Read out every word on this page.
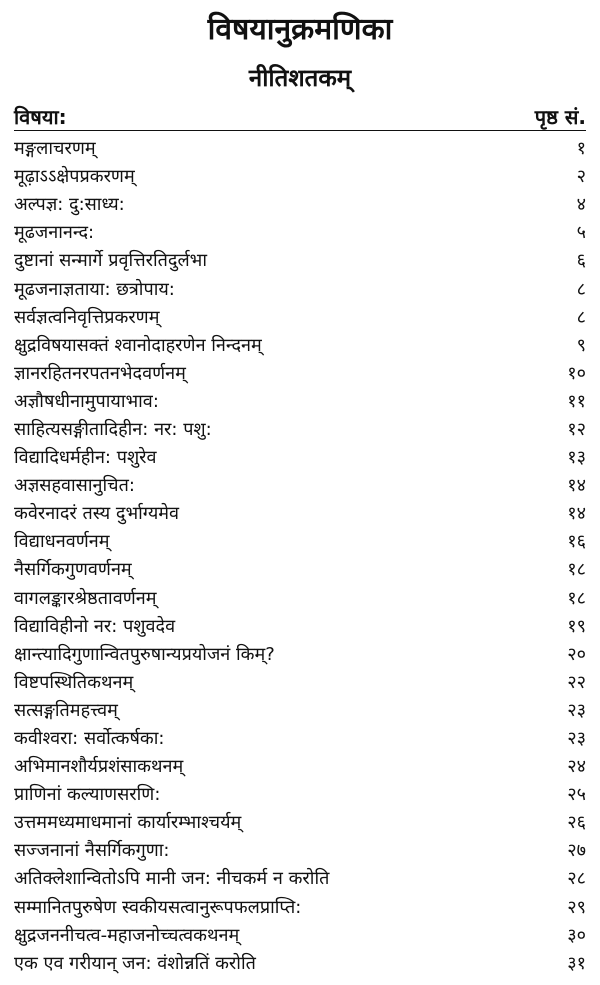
विषयानुक्रमणिका
नीतिशतकम्
विषया:	पृष्ठ सं.
मङ्गलाचरणम्	१
मूढ़ाऽऽक्षेपप्रकरणम्	२
अल्पज्ञ: दु:साध्य:	४
मूढजनानन्द:	५
दुष्टानां सन्मार्गे प्रवृत्तिरतिदुर्लभा	६
मूढजनाज्ञताया: छत्रोपाय:	८
सर्वज्ञत्वनिवृत्तिप्रकरणम्	८
क्षुद्रविषयासक्तं श्वानोदाहरणेन निन्दनम्	९
ज्ञानरहितनरपतनभेदवर्णनम्	१०
अज्ञौषधीनामुपायाभाव:	११
साहित्यसङ्गीतादिहीन: नर: पशु:	१२
विद्यादिधर्महीन: पशुरेव	१३
अज्ञसहवासानुचित:	१४
कवेरनादरं तस्य दुर्भाग्यमेव	१४
विद्याधनवर्णनम्	१६
नैसर्गिकगुणवर्णनम्	१८
वागलङ्कारश्रेष्ठतावर्णनम्	१८
विद्याविहीनो नर: पशुवदेव	१९
क्षान्त्यादिगुणान्वितपुरुषान्यप्रयोजनं किम्?	२०
विष्टपस्थितिकथनम्	२२
सत्सङ्गतिमहत्त्वम्	२३
कवीश्वरा: सर्वोत्कर्षका:	२३
अभिमानशौर्यप्रशंसाकथनम्	२४
प्राणिनां कल्याणसरणि:	२५
उत्तममध्यमाधमानां कार्यारम्भाश्चर्यम्	२६
सज्जनानां नैसर्गिकगुणा:	२७
अतिक्लेशान्वितोऽपि मानी जन: नीचकर्म न करोति	२८
सम्मानितपुरुषेण स्वकीयसत्वानुरूपफलप्राप्ति:	२९
क्षुद्रजननीचत्व-महाजनोच्चत्वकथनम्	३०
एक एव गरीयान् जन: वंशोन्नतिं करोति	३१
